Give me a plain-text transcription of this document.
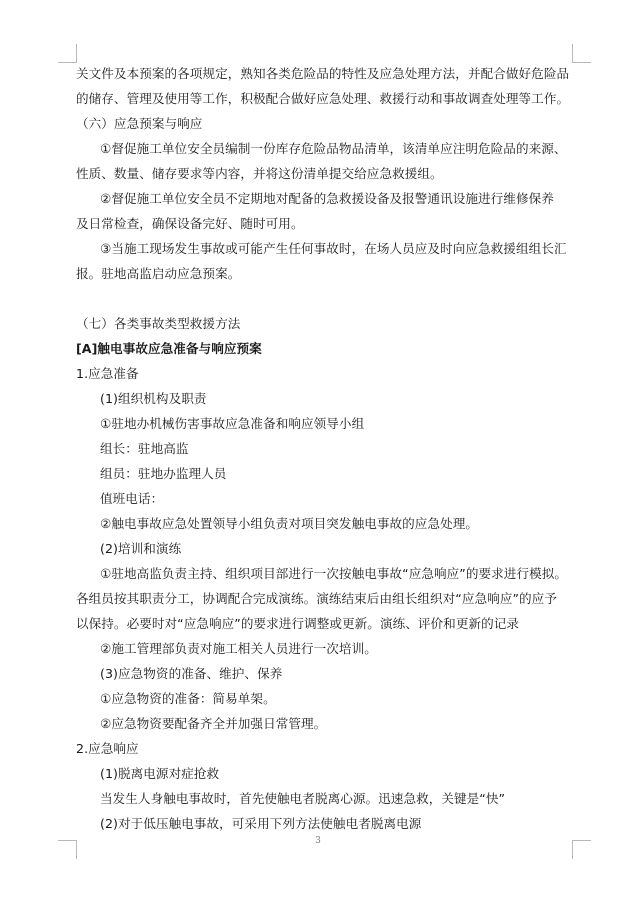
关文件及本预案的各项规定，熟知各类危险品的特性及应急处理方法，并配合做好危险品
的储存、管理及使用等工作，积极配合做好应急处理、救援行动和事故调查处理等工作。
（六）应急预案与响应
①督促施工单位安全员编制一份库存危险品物品清单，该清单应注明危险品的来源、
性质、数量、储存要求等内容，并将这份清单提交给应急救援组。
②督促施工单位安全员不定期地对配备的急救援设备及报警通讯设施进行维修保养
及日常检查，确保设备完好、随时可用。
③当施工现场发生事故或可能产生任何事故时，在场人员应及时向应急救援组组长汇
报。驻地高监启动应急预案。
（七）各类事故类型救援方法
[A]触电事故应急准备与响应预案
1.应急准备
(1)组织机构及职责
①驻地办机械伤害事故应急准备和响应领导小组
组长：驻地高监
组员：驻地办监理人员
值班电话：
②触电事故应急处置领导小组负责对项目突发触电事故的应急处理。
(2)培训和演练
①驻地高监负责主持、组织项目部进行一次按触电事故“应急响应”的要求进行模拟。
各组员按其职责分工，协调配合完成演练。演练结束后由组长组织对“应急响应”的应予
以保持。必要时对“应急响应”的要求进行调整或更新。演练、评价和更新的记录
②施工管理部负责对施工相关人员进行一次培训。
(3)应急物资的准备、维护、保养
①应急物资的准备：简易单架。
②应急物资要配备齐全并加强日常管理。
2.应急响应
(1)脱离电源对症抢救
当发生人身触电事故时，首先使触电者脱离心源。迅速急救，关键是“快”
(2)对于低压触电事故，可采用下列方法使触电者脱离电源
3
